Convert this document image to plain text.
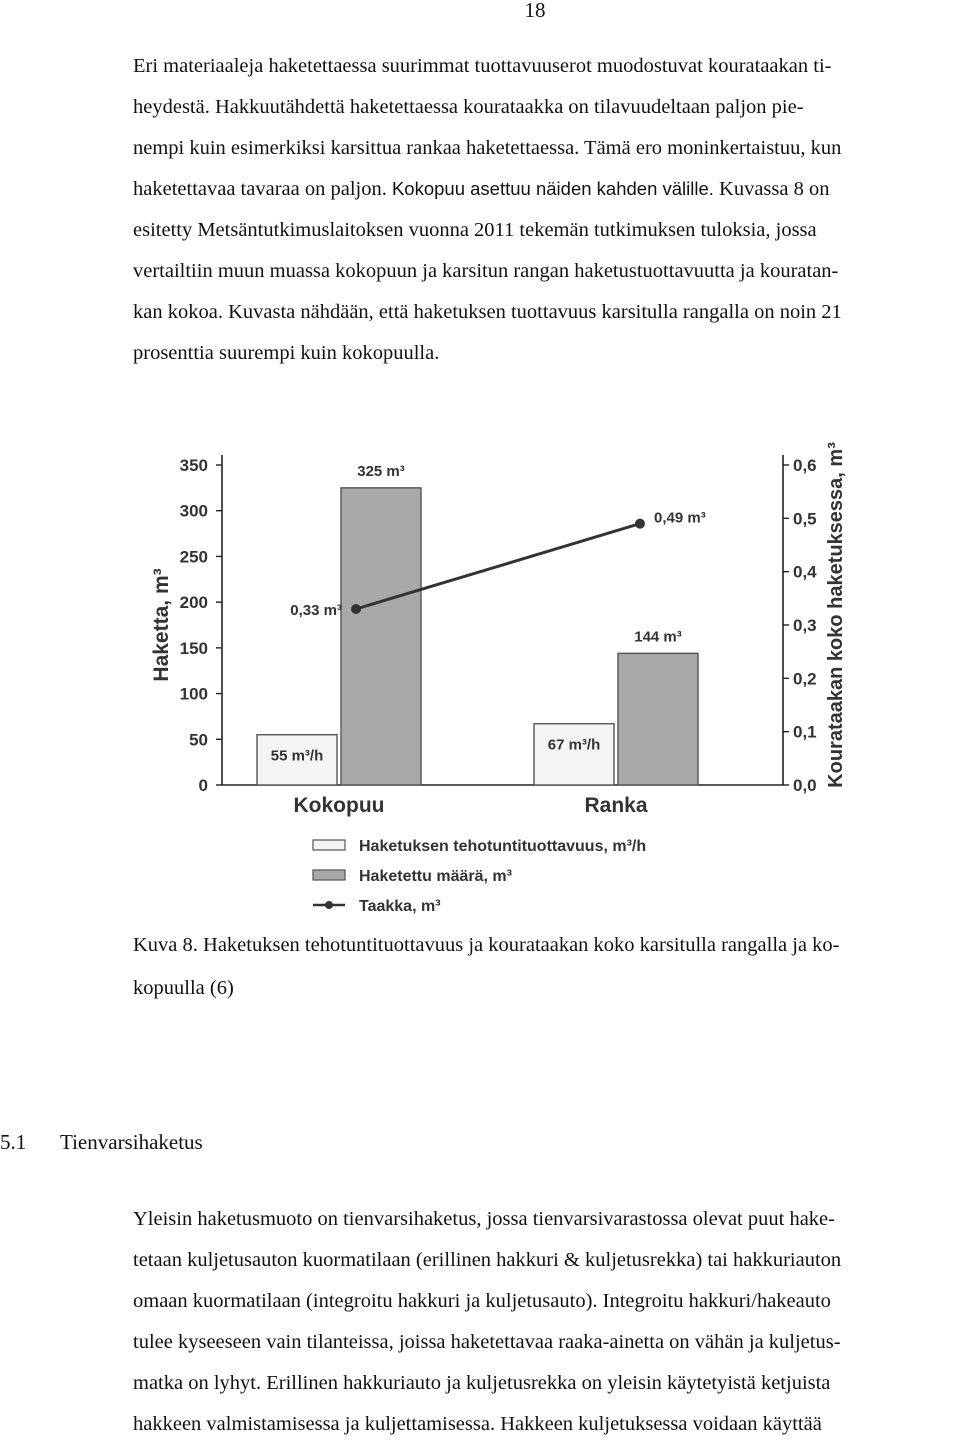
18
Eri materiaaleja haketettaessa suurimmat tuottavuuserot muodostuvat kourataakan ti-
heydestä. Hakkuutähdettä haketettaessa kourataakka on tilavuudeltaan paljon pie-
nempi kuin esimerkiksi karsittua rankaa haketettaessa. Tämä ero moninkertaistuu, kun
haketettavaa tavaraa on paljon. Kokopuu asettuu näiden kahden välille. Kuvassa 8 on
esitetty Metsäntutkimuslaitoksen vuonna 2011 tekemän tutkimuksen tuloksia, jossa
vertailtiin muun muassa kokopuun ja karsitun rangan haketustuottavuutta ja kouratan-
kan kokoa. Kuvasta nähdään, että haketuksen tuottavuus karsitulla rangalla on noin 21
prosenttia suurempi kuin kokopuulla.
0
50
100
150
200
250
300
350
Haketta, m³
0,0
0,1
0,2
0,3
0,4
0,5
0,6 Kourataakan koko haketuksessa, m³
55 m³/h
325 m³
67 m³/h
144 m³
0,33 m³
0,49 m³
Kokopuu	Ranka
Haketuksen tehotuntituottavuus, m³/h
Haketettu määrä, m³
Taakka, m³
Kuva 8. Haketuksen tehotuntituottavuus ja kourataakan koko karsitulla rangalla ja ko-
kopuulla (6)
5.1 Tienvarsihaketus
Yleisin haketusmuoto on tienvarsihaketus, jossa tienvarsivarastossa olevat puut hake-
tetaan kuljetusauton kuormatilaan (erillinen hakkuri & kuljetusrekka) tai hakkuriauton
omaan kuormatilaan (integroitu hakkuri ja kuljetusauto). Integroitu hakkuri/hakeauto
tulee kyseeseen vain tilanteissa, joissa haketettavaa raaka-ainetta on vähän ja kuljetus-
matka on lyhyt. Erillinen hakkuriauto ja kuljetusrekka on yleisin käytetyistä ketjuista
hakkeen valmistamisessa ja kuljettamisessa. Hakkeen kuljetuksessa voidaan käyttää
